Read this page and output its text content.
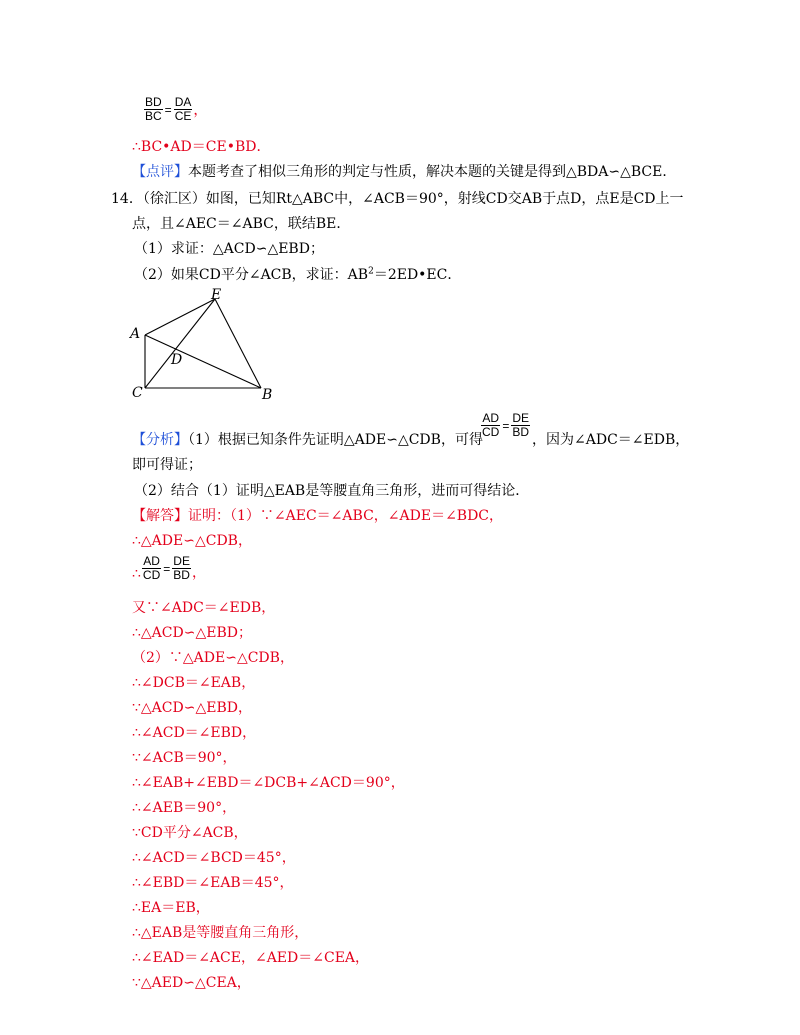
$\frac{BD}{BC} = \frac{DA}{CE}$ ，
∴BC•AD＝CE•BD．
【点评】本题考查了相似三角形的判定与性质，解决本题的关键是得到△BDA∽△BCE．
14．（徐汇区）如图，已知Rt△ABC中，∠ACB＝90°，射线CD交AB于点D，点E是CD上一
点，且∠AEC＝∠ABC，联结BE．
（1）求证：△ACD∽△EBD；
（2）如果CD平分∠ACB，求证：$AB^2=2ED•EC$．
A
C	B
D
E
【分析】（1）根据已知条件先证明△ADE∽△CDB，可得
$\frac{AD}{CD} = \frac{DE}{BD}$
，因为∠ADC＝∠EDB，
即可得证；
（2）结合（1）证明△EAB是等腰直角三角形，进而可得结论．
【解答】证明：（1）∵∠AEC＝∠ABC，∠ADE＝∠BDC，
∴△ADE∽△CDB，
∴ $\frac{AD}{CD} = \frac{DE}{BD}$ ，
又∵∠ADC＝∠EDB，
∴△ACD∽△EBD；
（2）∵△ADE∽△CDB，
∴∠DCB＝∠EAB，
∵△ACD∽△EBD，
∴∠ACD＝∠EBD，
∵∠ACB＝90°，
∴∠EAB+∠EBD＝∠DCB+∠ACD＝90°，
∴∠AEB＝90°，
∵CD平分∠ACB，
∴∠ACD＝∠BCD＝45°，
∴∠EBD＝∠EAB＝45°，
∴EA＝EB，
∴△EAB是等腰直角三角形，
∴∠EAD＝∠ACE，∠AED＝∠CEA，
∵△AED∽△CEA，
